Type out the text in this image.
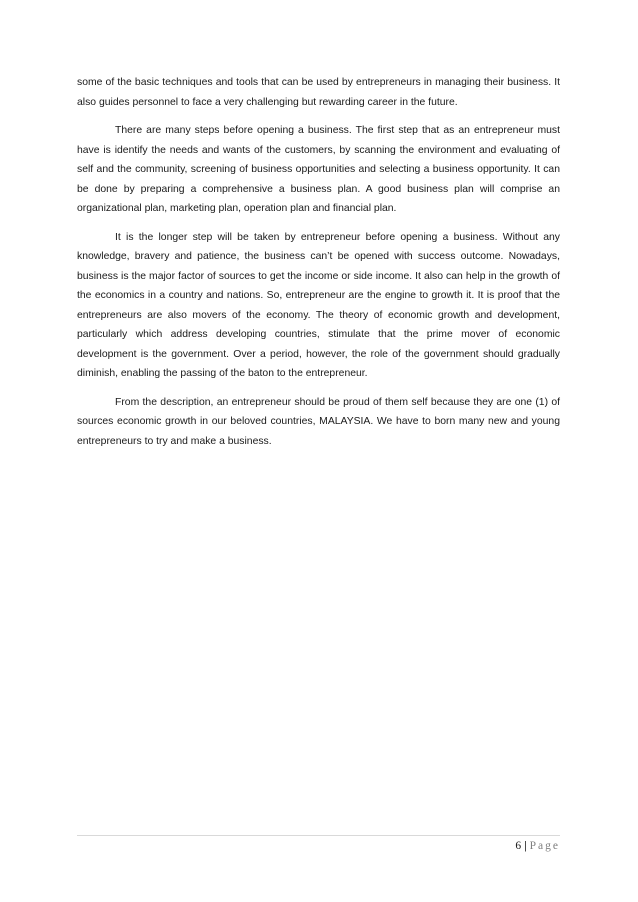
some of the basic techniques and tools that can be used by entrepreneurs in managing their business. It also guides personnel to face a very challenging but rewarding career in the future.

There are many steps before opening a business. The first step that as an entrepreneur must have is identify the needs and wants of the customers, by scanning the environment and evaluating of self and the community, screening of business opportunities and selecting a business opportunity. It can be done by preparing a comprehensive a business plan. A good business plan will comprise an organizational plan, marketing plan, operation plan and financial plan.

It is the longer step will be taken by entrepreneur before opening a business. Without any knowledge, bravery and patience, the business can’t be opened with success outcome. Nowadays, business is the major factor of sources to get the income or side income. It also can help in the growth of the economics in a country and nations. So, entrepreneur are the engine to growth it. It is proof that the entrepreneurs are also movers of the economy. The theory of economic growth and development, particularly which address developing countries, stimulate that the prime mover of economic development is the government. Over a period, however, the role of the government should gradually diminish, enabling the passing of the baton to the entrepreneur.

From the description, an entrepreneur should be proud of them self because they are one (1) of sources economic growth in our beloved countries, MALAYSIA. We have to born many new and young entrepreneurs to try and make a business.

6 | Page
